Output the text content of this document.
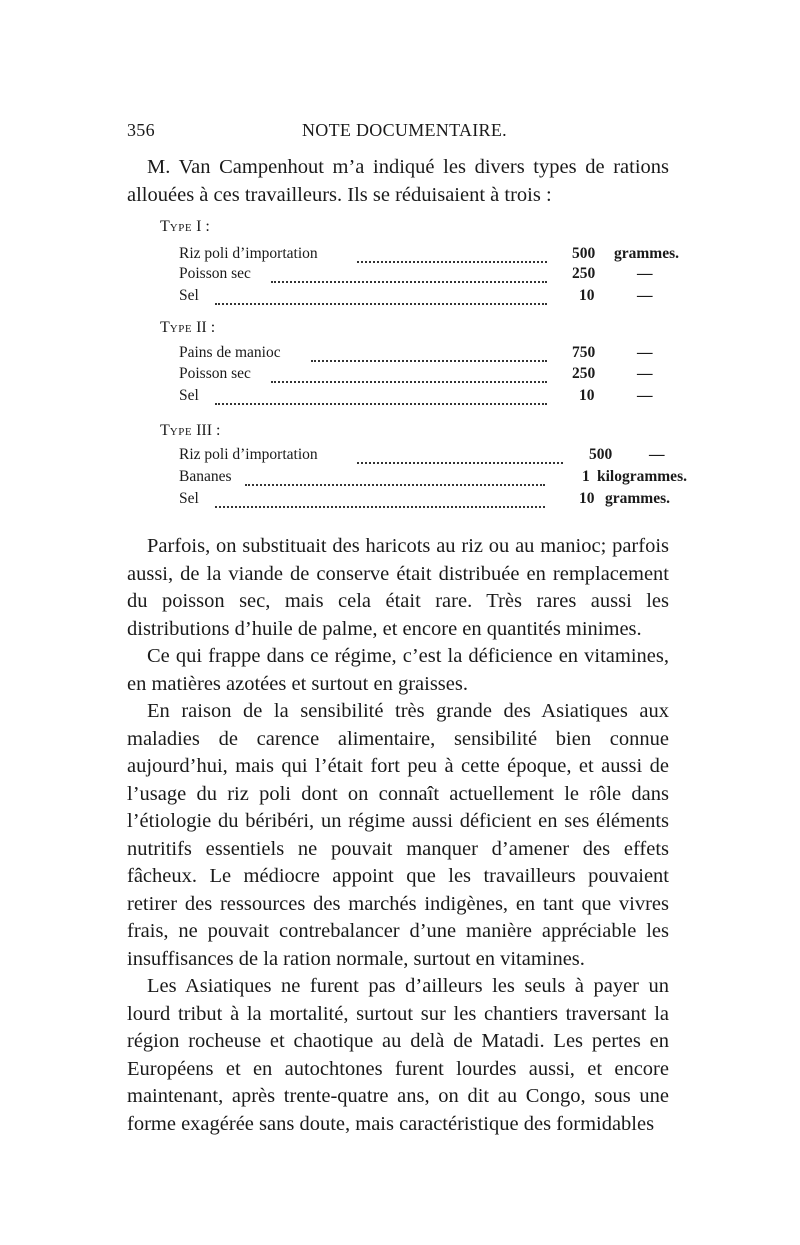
356	NOTE DOCUMENTAIRE.

M. Van Campenhout m’a indiqué les divers types de rations allouées à ces travailleurs. Ils se réduisaient à trois :

TYPE I :
Riz poli d’importation	500 grammes.
Poisson sec	250	—
Sel	10	—
TYPE II :
Pains de manioc	750	—
Poisson sec	250	—
Sel	10	—
TYPE III :
Riz poli d’importation	500 —
Bananes	1 kilogrammes.
Sel	10 grammes.

Parfois, on substituait des haricots au riz ou au manioc; parfois aussi, de la viande de conserve était distribuée en remplacement du poisson sec, mais cela était rare. Très rares aussi les distributions d’huile de palme, et encore en quantités minimes.

Ce qui frappe dans ce régime, c’est la déficience en vitamines, en matières azotées et surtout en graisses.

En raison de la sensibilité très grande des Asiatiques aux maladies de carence alimentaire, sensibilité bien connue aujourd’hui, mais qui l’était fort peu à cette époque, et aussi de l’usage du riz poli dont on connaît actuellement le rôle dans l’étiologie du béribéri, un régime aussi déficient en ses éléments nutritifs essentiels ne pouvait manquer d’amener des effets fâcheux. Le médiocre appoint que les travailleurs pouvaient retirer des ressources des marchés indigènes, en tant que vivres frais, ne pouvait contrebalancer d’une manière appréciable les insuffisances de la ration normale, surtout en vitamines.

Les Asiatiques ne furent pas d’ailleurs les seuls à payer un lourd tribut à la mortalité, surtout sur les chantiers traversant la région rocheuse et chaotique au delà de Matadi. Les pertes en Européens et en autochtones furent lourdes aussi, et encore maintenant, après trente-quatre ans, on dit au Congo, sous une forme exagérée sans doute, mais caractéristique des formidables
